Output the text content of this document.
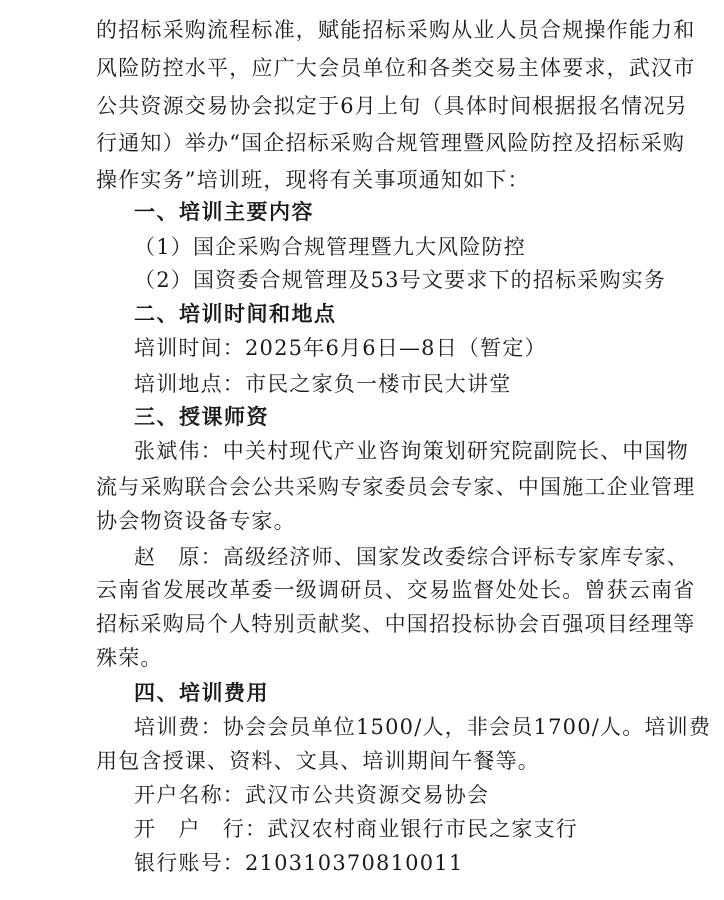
的招标采购流程标准，赋能招标采购从业人员合规操作能力和
风险防控水平，应广大会员单位和各类交易主体要求，武汉市
公共资源交易协会拟定于6月上旬（具体时间根据报名情况另
行通知）举办“国企招标采购合规管理暨风险防控及招标采购
操作实务”培训班，现将有关事项通知如下：
一、培训主要内容
（1）国企采购合规管理暨九大风险防控
（2）国资委合规管理及53号文要求下的招标采购实务
二、培训时间和地点
培训时间：2025年6月6日—8日（暂定）
培训地点：市民之家负一楼市民大讲堂
三、授课师资
张斌伟：中关村现代产业咨询策划研究院副院长、中国物
流与采购联合会公共采购专家委员会专家、中国施工企业管理
协会物资设备专家。
赵　原：高级经济师、国家发改委综合评标专家库专家、
云南省发展改革委一级调研员、交易监督处处长。曾获云南省
招标采购局个人特别贡献奖、中国招投标协会百强项目经理等
殊荣。
四、培训费用
培训费：协会会员单位1500/人，非会员1700/人。培训费
用包含授课、资料、文具、培训期间午餐等。
开户名称：武汉市公共资源交易协会
开　户　行：武汉农村商业银行市民之家支行
银行账号：210310370810011
